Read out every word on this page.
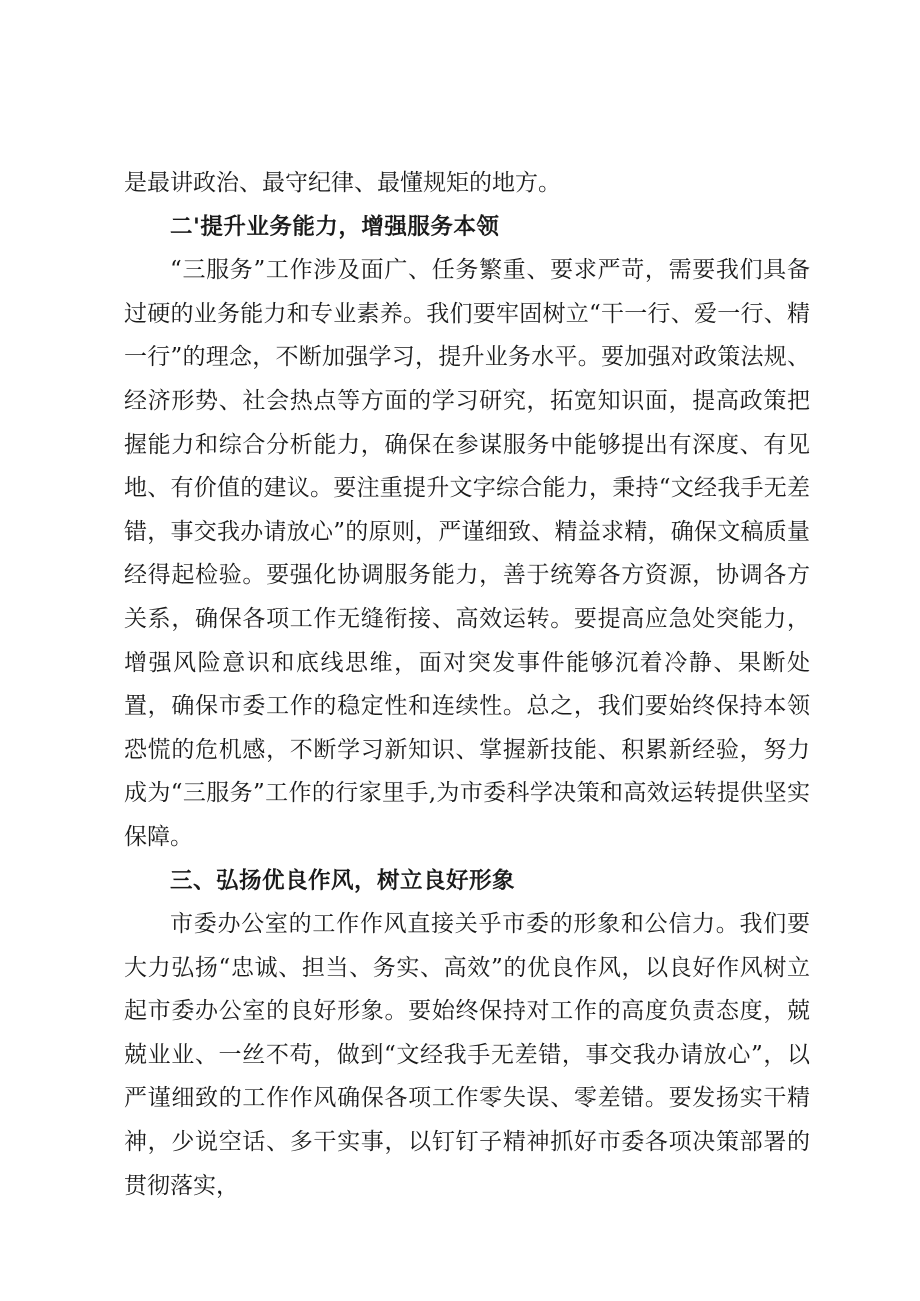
是最讲政治、最守纪律、最懂规矩的地方。

二'提升业务能力，增强服务本领

“三服务”工作涉及面广、任务繁重、要求严苛，需要我们具备过硬的业务能力和专业素养。我们要牢固树立“干一行、爱一行、精一行”的理念，不断加强学习，提升业务水平。要加强对政策法规、经济形势、社会热点等方面的学习研究，拓宽知识面，提高政策把握能力和综合分析能力，确保在参谋服务中能够提出有深度、有见地、有价值的建议。要注重提升文字综合能力，秉持“文经我手无差错，事交我办请放心”的原则，严谨细致、精益求精，确保文稿质量经得起检验。要强化协调服务能力，善于统筹各方资源，协调各方关系，确保各项工作无缝衔接、高效运转。要提高应急处突能力，增强风险意识和底线思维，面对突发事件能够沉着冷静、果断处置，确保市委工作的稳定性和连续性。总之，我们要始终保持本领恐慌的危机感，不断学习新知识、掌握新技能、积累新经验，努力成为“三服务”工作的行家里手,为市委科学决策和高效运转提供坚实保障。

三、弘扬优良作风，树立良好形象

市委办公室的工作作风直接关乎市委的形象和公信力。我们要大力弘扬“忠诚、担当、务实、高效”的优良作风，以良好作风树立起市委办公室的良好形象。要始终保持对工作的高度负责态度，兢兢业业、一丝不苟，做到“文经我手无差错，事交我办请放心”，以严谨细致的工作作风确保各项工作零失误、零差错。要发扬实干精神，少说空话、多干实事，以钉钉子精神抓好市委各项决策部署的贯彻落实，
